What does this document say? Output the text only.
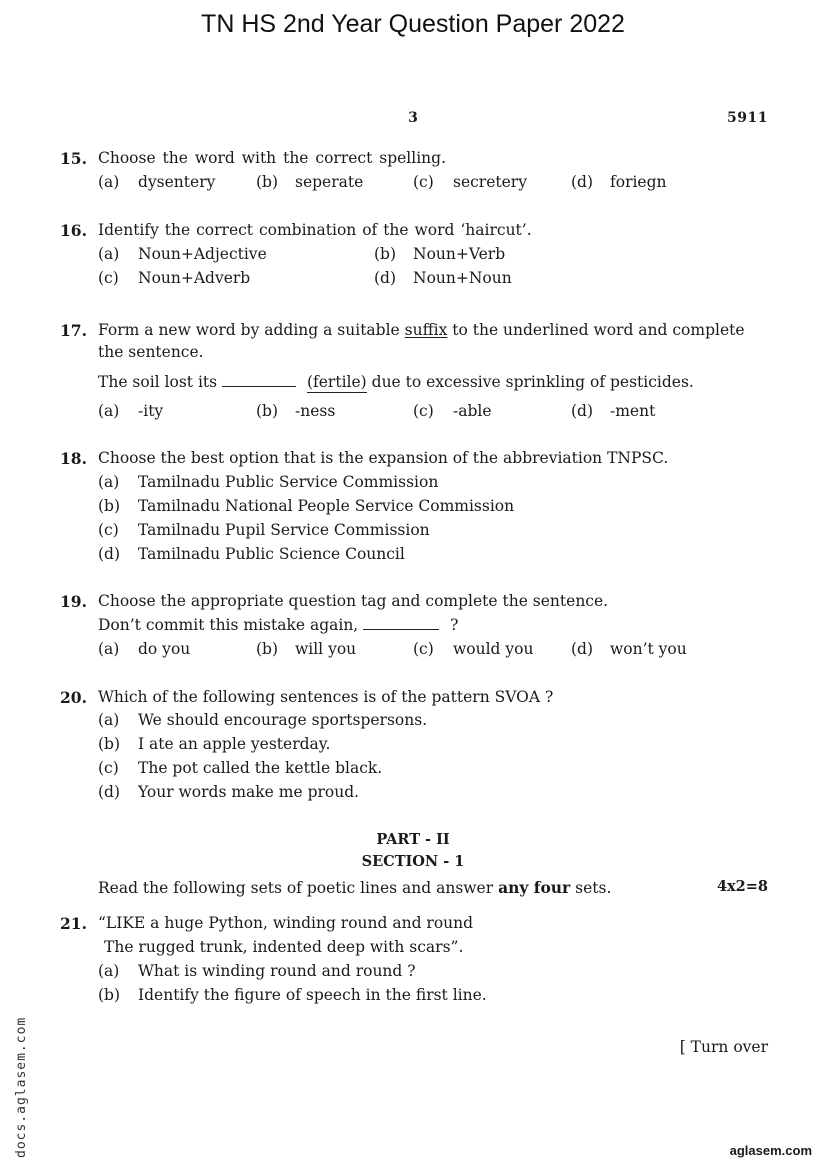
TN HS 2nd Year Question Paper 2022
3	5911
15. Choose the word with the correct spelling.
(a) dysentery	(b) seperate	(c) secretery	(d) foriegn
16. Identify the correct combination of the word ‘haircut’.
(a) Noun+Adjective	(b) Noun+Verb
(c) Noun+Adverb	(d) Noun+Noun
17. Form a new word by adding a suitable suffix to the underlined word and complete
the sentence.
The soil lost its	(fertile) due to excessive sprinkling of pesticides.
(a) -ity	(b) -ness	(c) -able	(d) -ment
18. Choose the best option that is the expansion of the abbreviation TNPSC.
(a) Tamilnadu Public Service Commission
(b) Tamilnadu National People Service Commission
(c) Tamilnadu Pupil Service Commission
(d) Tamilnadu Public Science Council
19. Choose the appropriate question tag and complete the sentence.
Don’t commit this mistake again,	?
(a) do you	(b) will you	(c) would you (d) won’t you
20. Which of the following sentences is of the pattern SVOA ?
(a) We should encourage sportspersons.
(b) I ate an apple yesterday.
(c) The pot called the kettle black.
(d) Your words make me proud.
PART - II
SECTION - 1
Read the following sets of poetic lines and answer any four sets.	4x2=8
21. “LIKE a huge Python, winding round and round
The rugged trunk, indented deep with scars”.
(a) What is winding round and round ?
(b) Identify the figure of speech in the first line.
[ Turn over
docs.aglasem.com	aglasem.com
